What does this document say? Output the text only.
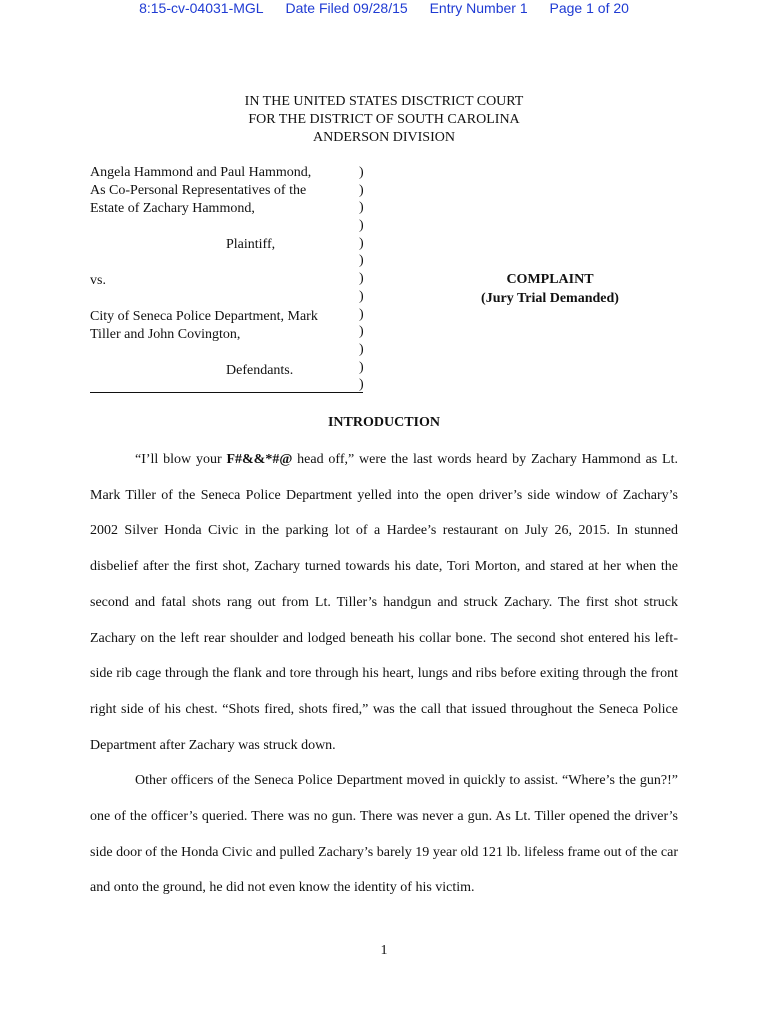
8:15-cv-04031-MGL Date Filed 09/28/15 Entry Number 1 Page 1 of 20
IN THE UNITED STATES DISCTRICT COURT
FOR THE DISTRICT OF SOUTH CAROLINA
ANDERSON DIVISION
Angela Hammond and Paul Hammond,
As Co-Personal Representatives of the
Estate of Zachary Hammond,
Plaintiff,
vs.
City of Seneca Police Department, Mark
Tiller and John Covington,
Defendants.
)
)
)
)
)
)
)
)
)
)
)
)
)
COMPLAINT
(Jury Trial Demanded)
INTRODUCTION

“I’ll blow your F#&&*#@ head off,” were the last words heard by Zachary Hammond as Lt. Mark Tiller of the Seneca Police Department yelled into the open driver’s side window of Zachary’s 2002 Silver Honda Civic in the parking lot of a Hardee’s restaurant on July 26, 2015. In stunned disbelief after the first shot, Zachary turned towards his date, Tori Morton, and stared at her when the second and fatal shots rang out from Lt. Tiller’s handgun and struck Zachary. The first shot struck Zachary on the left rear shoulder and lodged beneath his collar bone. The second shot entered his left-side rib cage through the flank and tore through his heart, lungs and ribs before exiting through the front right side of his chest. “Shots fired, shots fired,” was the call that issued throughout the Seneca Police Department after Zachary was struck down.

Other officers of the Seneca Police Department moved in quickly to assist. “Where’s the gun?!” one of the officer’s queried. There was no gun. There was never a gun. As Lt. Tiller opened the driver’s side door of the Honda Civic and pulled Zachary’s barely 19 year old 121 lb. lifeless frame out of the car and onto the ground, he did not even know the identity of his victim.

1
